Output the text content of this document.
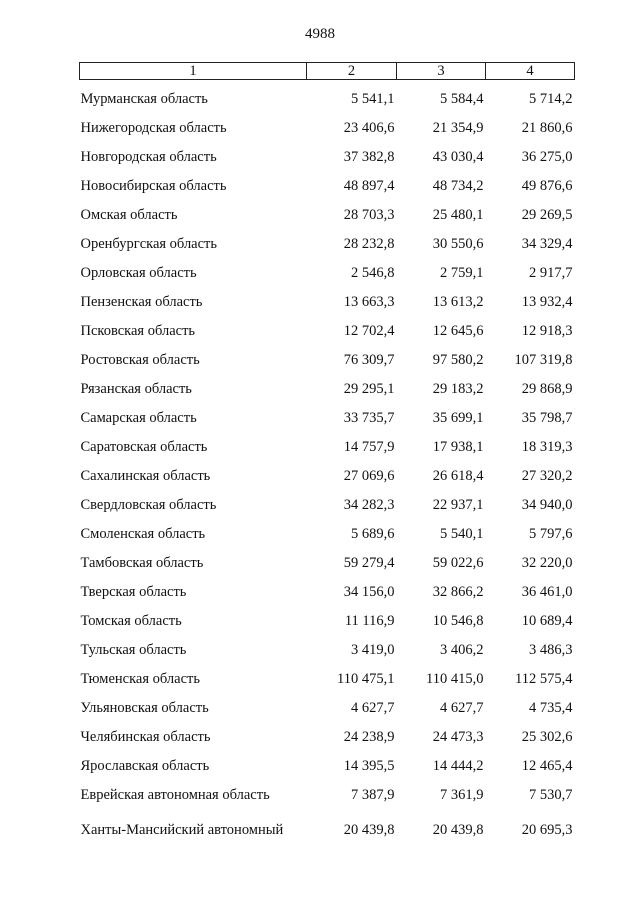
4988
1	2	3	4
Мурманская область	5 541,1	5 584,4	5 714,2
Нижегородская область	23 406,6	21 354,9	21 860,6
Новгородская область	37 382,8	43 030,4	36 275,0
Новосибирская область	48 897,4	48 734,2	49 876,6
Омская область	28 703,3	25 480,1	29 269,5
Оренбургская область	28 232,8	30 550,6	34 329,4
Орловская область	2 546,8	2 759,1	2 917,7
Пензенская область	13 663,3	13 613,2	13 932,4
Псковская область	12 702,4	12 645,6	12 918,3
Ростовская область	76 309,7	97 580,2	107 319,8
Рязанская область	29 295,1	29 183,2	29 868,9
Самарская область	33 735,7	35 699,1	35 798,7
Саратовская область	14 757,9	17 938,1	18 319,3
Сахалинская область	27 069,6	26 618,4	27 320,2
Свердловская область	34 282,3	22 937,1	34 940,0
Смоленская область	5 689,6	5 540,1	5 797,6
Тамбовская область	59 279,4	59 022,6	32 220,0
Тверская область	34 156,0	32 866,2	36 461,0
Томская область	11 116,9	10 546,8	10 689,4
Тульская область	3 419,0	3 406,2	3 486,3
Тюменская область	110 475,1	110 415,0	112 575,4
Ульяновская область	4 627,7	4 627,7	4 735,4
Челябинская область	24 238,9	24 473,3	25 302,6
Ярославская область	14 395,5	14 444,2	12 465,4
Еврейская автономная область	7 387,9	7 361,9	7 530,7
Ханты-Мансийский автономный	20 439,8	20 439,8	20 695,3
